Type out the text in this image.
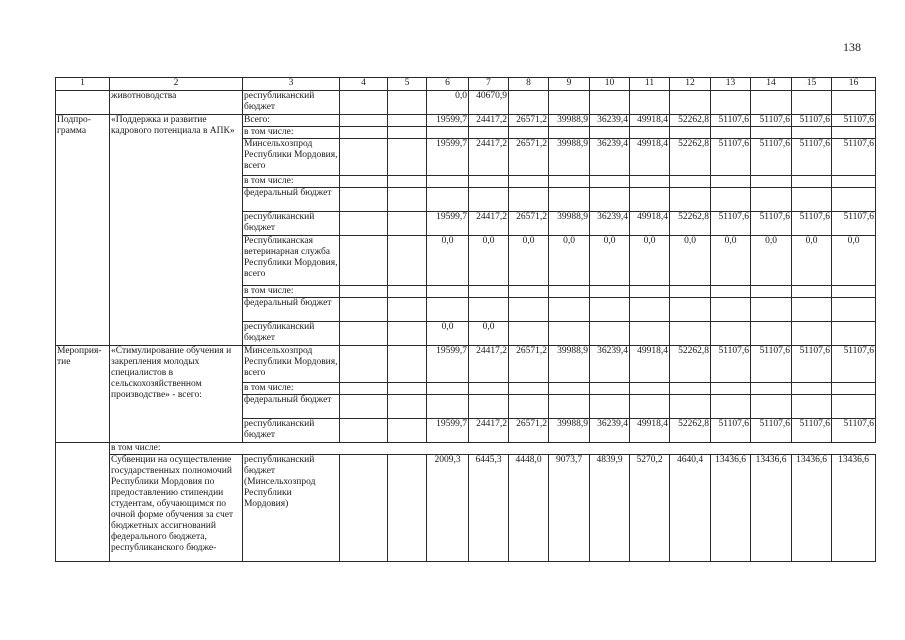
138
1	2	3	4	5	6	7	8	9	10	11	12	13	14	15	16
	животноводства	республиканский бюджет			0,0	40670,9									
Подпро-грамма	«Поддержка и развитие кадрового потенциала в АПК»	Всего:			19599,7	24417,2	26571,2	39988,9	36239,4	49918,4	52262,8	51107,6	51107,6	51107,6	51107,6
		в том числе:													
		Минсельхозпрод Республики Мордовия, всего			19599,7	24417,2	26571,2	39988,9	36239,4	49918,4	52262,8	51107,6	51107,6	51107,6	51107,6
		в том числе:													
		федеральный бюджет													
		республиканский бюджет			19599,7	24417,2	26571,2	39988,9	36239,4	49918,4	52262,8	51107,6	51107,6	51107,6	51107,6
		Республиканская ветеринарная служба Республики Мордовия, всего			0,0	0,0	0,0	0,0	0,0	0,0	0,0	0,0	0,0	0,0	0,0
		в том числе:													
		федеральный бюджет													
		республиканский бюджет			0,0	0,0									
Мероприя-тие	«Стимулирование обучения и закрепления молодых специалистов в сельскохозяйственном производстве» - всего:	Минсельхозпрод Республики Мордовия, всего			19599,7	24417,2	26571,2	39988,9	36239,4	49918,4	52262,8	51107,6	51107,6	51107,6	51107,6
		в том числе:													
		федеральный бюджет													
		республиканский бюджет			19599,7	24417,2	26571,2	39988,9	36239,4	49918,4	52262,8	51107,6	51107,6	51107,6	51107,6
	в том числе:														
	Субвенции на осуществление государственных полномочий Республики Мордовия по предоставлению стипендии студентам, обучающимся по очной форме обучения за счет бюджетных ассигнований федерального бюджета, республиканского бюдже-	республиканский бюджет (Минсельхозпрод Республики Мордовия)			2009,3	6445,3	4448,0	9073,7	4839,9	5270,2	4640,4	13436,6	13436,6	13436,6	13436,6
